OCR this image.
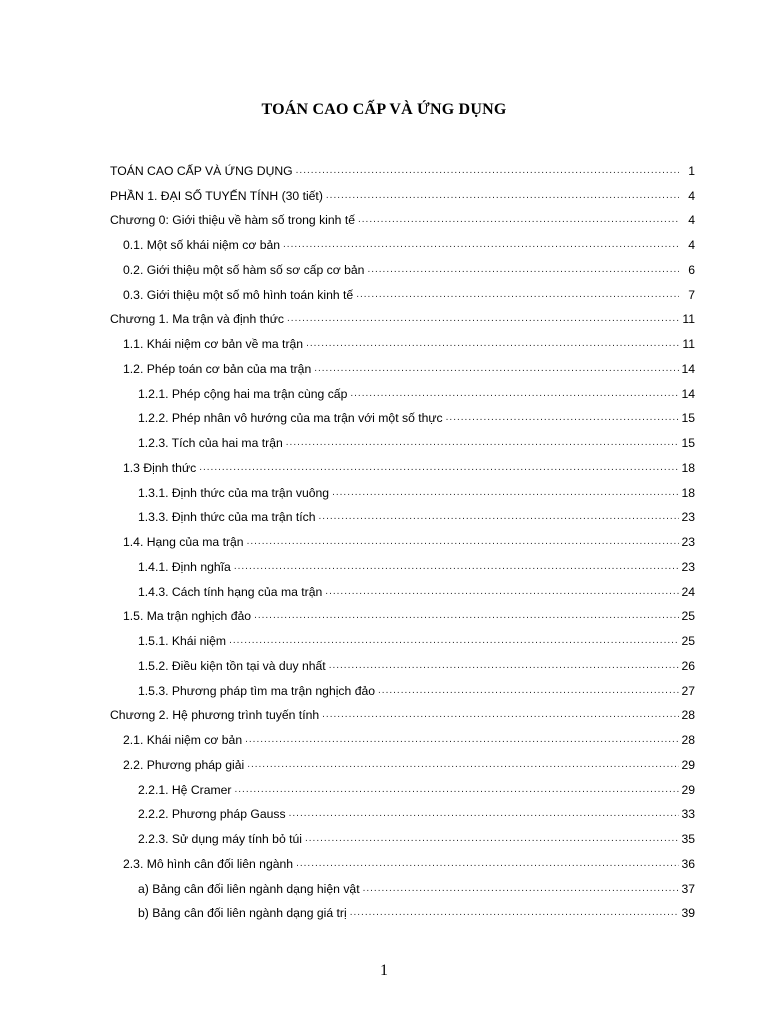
TOÁN CAO CẤP VÀ ỨNG DỤNG
TOÁN CAO CẤP VÀ ỨNG DỤNG .....	1
PHẦN 1. ĐẠI SỐ TUYẾN TÍNH (30 tiết) .....	4
Chương 0: Giới thiệu về hàm số trong kinh tế .....	4
0.1. Một số khái niệm cơ bản .....	4
0.2. Giới thiệu một số hàm số sơ cấp cơ bản .....	6
0.3. Giới thiệu một số mô hình toán kinh tế .....	7
Chương 1. Ma trận và định thức .....	11
1.1. Khái niệm cơ bản về ma trận .....	11
1.2. Phép toán cơ bản của ma trận .....	14
1.2.1. Phép cộng hai ma trận cùng cấp .....	14
1.2.2. Phép nhân vô hướng của ma trận với một số thực .....	15
1.2.3. Tích của hai ma trận .....	15
1.3 Định thức .....	18
1.3.1. Định thức của ma trận vuông .....	18
1.3.3. Định thức của ma trận tích .....	23
1.4. Hạng của ma trận .....	23
1.4.1. Định nghĩa .....	23
1.4.3. Cách tính hạng của ma trận .....	24
1.5. Ma trận nghịch đảo .....	25
1.5.1. Khái niệm .....	25
1.5.2. Điều kiện tồn tại và duy nhất .....	26
1.5.3. Phương pháp tìm ma trận nghịch đảo .....	27
Chương 2. Hệ phương trình tuyến tính .....	28
2.1. Khái niệm cơ bản .....	28
2.2. Phương pháp giải .....	29
2.2.1. Hệ Cramer .....	29
2.2.2. Phương pháp Gauss .....	33
2.2.3. Sử dụng máy tính bỏ túi .....	35
2.3. Mô hình cân đối liên ngành .....	36
a) Bảng cân đối liên ngành dạng hiện vật .....	37
b) Bảng cân đối liên ngành dạng giá trị .....	39
1
